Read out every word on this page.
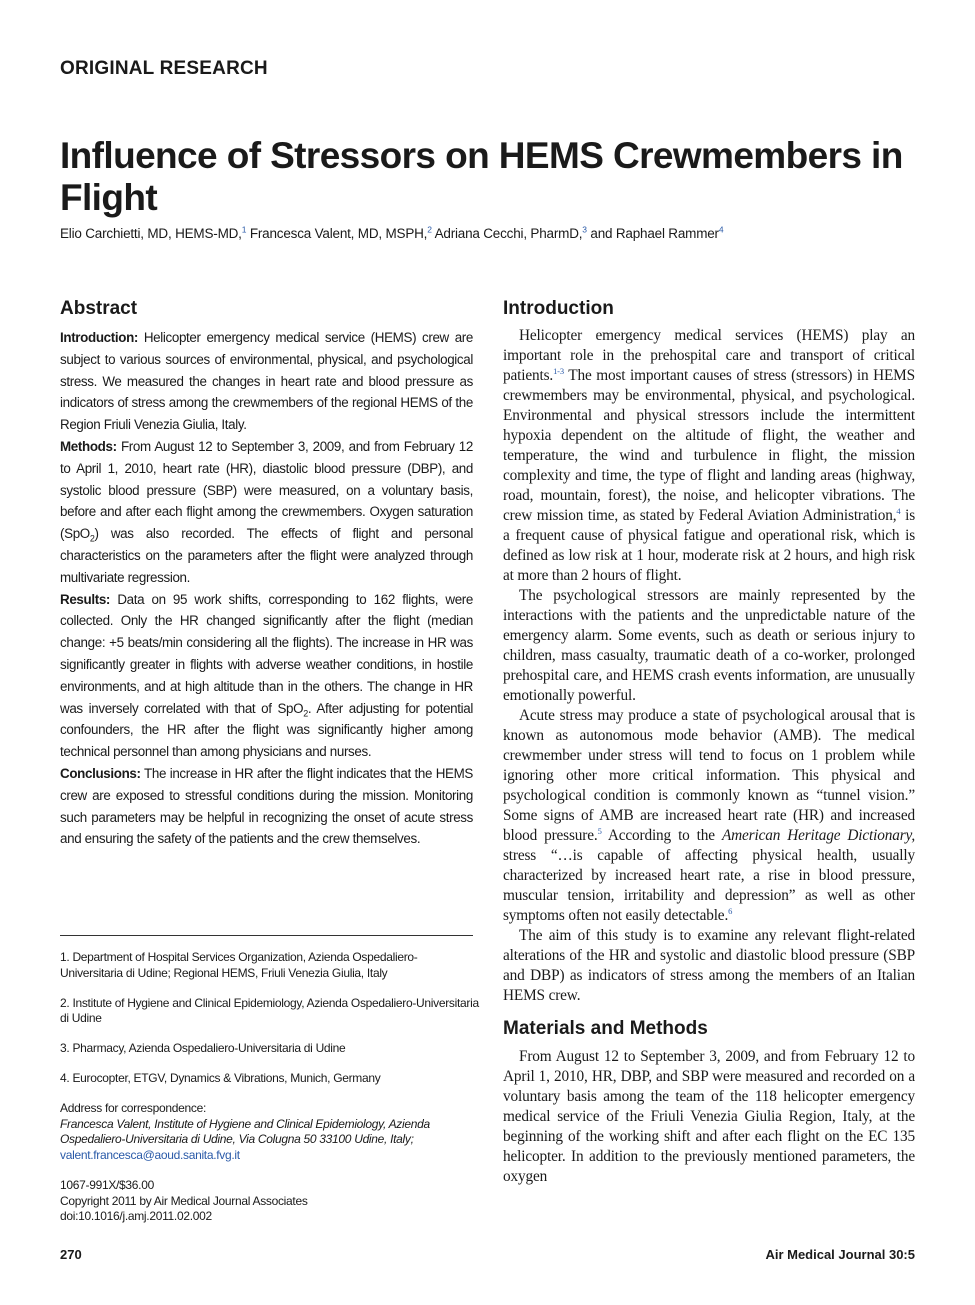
ORIGINAL RESEARCH
Influence of Stressors on HEMS Crewmembers in Flight
Elio Carchietti, MD, HEMS-MD,$^1$ Francesca Valent, MD, MSPH,$^2$ Adriana Cecchi, PharmD,$^3$ and Raphael Rammer$^4$
Abstract

Introduction: Helicopter emergency medical service (HEMS) crew are subject to various sources of environmental, physical, and psychological stress. We measured the changes in heart rate and blood pressure as indicators of stress among the crewmembers of the regional HEMS of the Region Friuli Venezia Giulia, Italy.

Methods: From August 12 to September 3, 2009, and from February 12 to April 1, 2010, heart rate (HR), diastolic blood pressure (DBP), and systolic blood pressure (SBP) were measured, on a voluntary basis, before and after each flight among the crewmembers. Oxygen saturation (SpO$_2$) was also recorded. The effects of flight and personal characteristics on the parameters after the flight were analyzed through multivariate regression.

Results: Data on 95 work shifts, corresponding to 162 flights, were collected. Only the HR changed significantly after the flight (median change: +5 beats/min considering all the flights). The increase in HR was significantly greater in flights with adverse weather conditions, in hostile environments, and at high altitude than in the others. The change in HR was inversely correlated with that of SpO$_2$. After adjusting for potential confounders, the HR after the flight was significantly higher among technical personnel than among physicians and nurses.

Conclusions: The increase in HR after the flight indicates that the HEMS crew are exposed to stressful conditions during the mission. Monitoring such parameters may be helpful in recognizing the onset of acute stress and ensuring the safety of the patients and the crew themselves.

1. Department of Hospital Services Organization, Azienda Ospedaliero-Universitaria di Udine; Regional HEMS, Friuli Venezia Giulia, Italy
2. Institute of Hygiene and Clinical Epidemiology, Azienda Ospedaliero-Universitaria di Udine
3. Pharmacy, Azienda Ospedaliero-Universitaria di Udine
4. Eurocopter, ETGV, Dynamics & Vibrations, Munich, Germany
Address for correspondence:
Francesca Valent, Institute of Hygiene and Clinical Epidemiology, Azienda Ospedaliero-Universitaria di Udine, Via Colugna 50 33100 Udine, Italy;
valent.francesca@aoud.sanita.fvg.it
1067-991X/$36.00
Copyright 2011 by Air Medical Journal Associates
doi:10.1016/j.amj.2011.02.002
Introduction

Helicopter emergency medical services (HEMS) play an important role in the prehospital care and transport of critical patients.$^{1-3}$ The most important causes of stress (stressors) in HEMS crewmembers may be environmental, physical, and psychological. Environmental and physical stressors include the intermittent hypoxia dependent on the altitude of flight, the weather and temperature, the wind and turbulence in flight, the mission complexity and time, the type of flight and landing areas (highway, road, mountain, forest), the noise, and helicopter vibrations. The crew mission time, as stated by Federal Aviation Administration,$^4$ is a frequent cause of physical fatigue and operational risk, which is defined as low risk at 1 hour, moderate risk at 2 hours, and high risk at more than 2 hours of flight.

The psychological stressors are mainly represented by the interactions with the patients and the unpredictable nature of the emergency alarm. Some events, such as death or serious injury to children, mass casualty, traumatic death of a co-worker, prolonged prehospital care, and HEMS crash events information, are unusually emotionally powerful.

Acute stress may produce a state of psychological arousal that is known as autonomous mode behavior (AMB). The medical crewmember under stress will tend to focus on 1 problem while ignoring other more critical information. This physical and psychological condition is commonly known as “tunnel vision.” Some signs of AMB are increased heart rate (HR) and increased blood pressure.$^5$ According to the American Heritage Dictionary, stress “…is capable of affecting physical health, usually characterized by increased heart rate, a rise in blood pressure, muscular tension, irritability and depression” as well as other symptoms often not easily detectable.$^6$

The aim of this study is to examine any relevant flight-related alterations of the HR and systolic and diastolic blood pressure (SBP and DBP) as indicators of stress among the members of an Italian HEMS crew.

Materials and Methods

From August 12 to September 3, 2009, and from February 12 to April 1, 2010, HR, DBP, and SBP were measured and recorded on a voluntary basis among the team of the 118 helicopter emergency medical service of the Friuli Venezia Giulia Region, Italy, at the beginning of the working shift and after each flight on the EC 135 helicopter. In addition to the previously mentioned parameters, the oxygen

270	Air Medical Journal 30:5
